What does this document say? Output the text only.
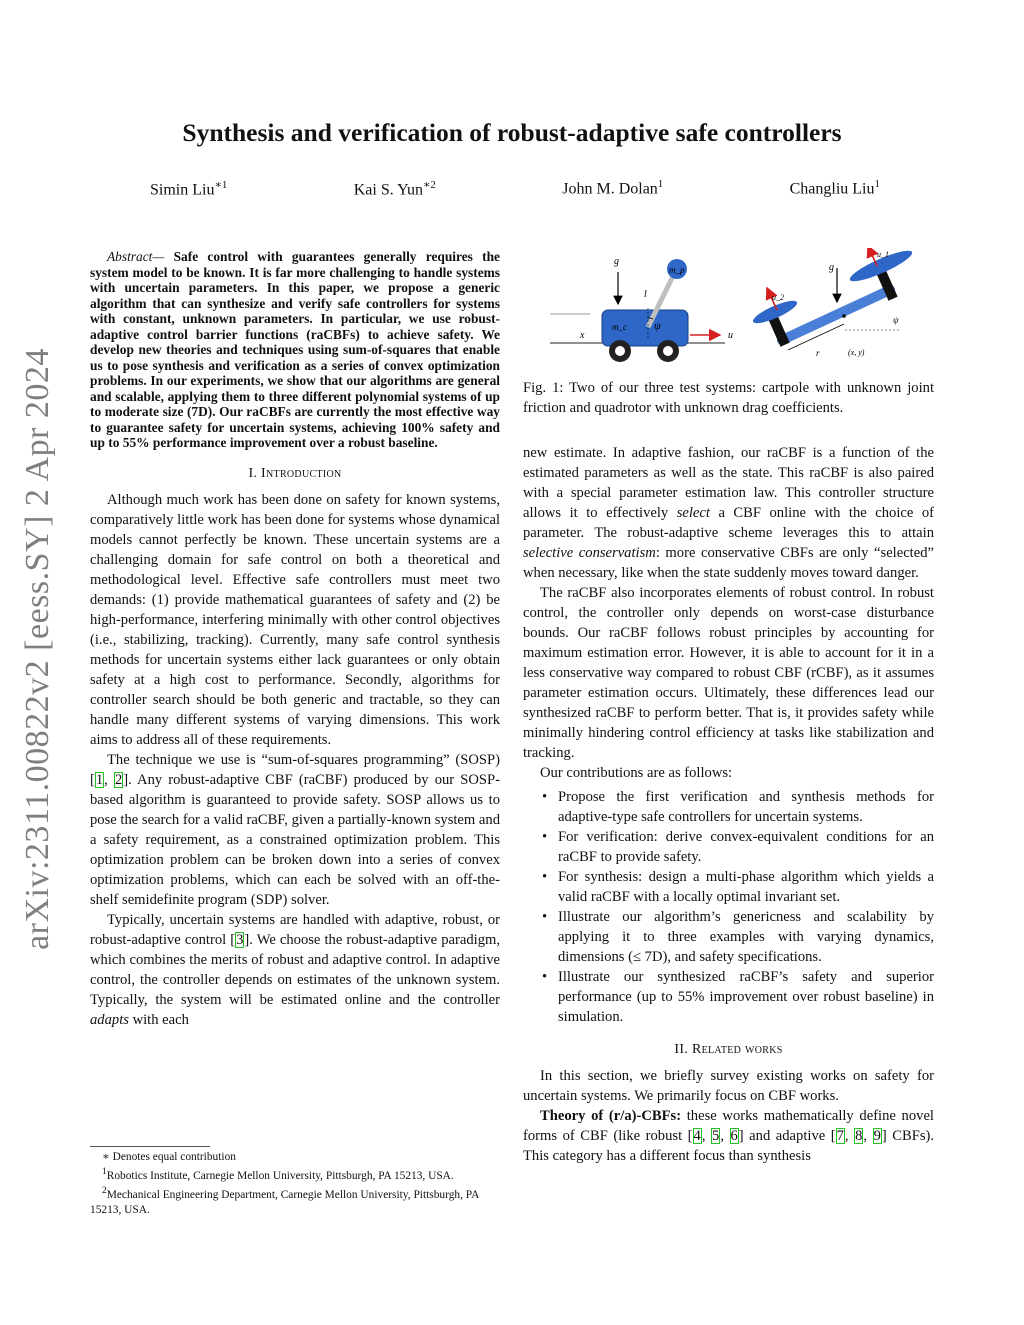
arXiv:2311.00822v2 [eess.SY] 2 Apr 2024
Synthesis and verification of robust-adaptive safe controllers
Simin Liu$^{∗1}$	Kai S. Yun$^{∗2}$	John M. Dolan$^1$	Changliu Liu$^1$

Abstract— Safe control with guarantees generally requires the system model to be known. It is far more challenging to handle systems with uncertain parameters. In this paper, we propose a generic algorithm that can synthesize and verify safe controllers for systems with constant, unknown parameters. In particular, we use robust-adaptive control barrier functions (raCBFs) to achieve safety. We develop new theories and techniques using sum-of-squares that enable us to pose synthesis and verification as a series of convex optimization problems. In our experiments, we show that our algorithms are general and scalable, applying them to three different polynomial systems of up to moderate size (7D). Our raCBFs are currently the most effective way to guarantee safety for uncertain systems, achieving 100% safety and up to 55% performance improvement over a robust baseline.

I. Introduction

Although much work has been done on safety for known systems, comparatively little work has been done for systems whose dynamical models cannot perfectly be known. These uncertain systems are a challenging domain for safe control on both a theoretical and methodological level. Effective safe controllers must meet two demands: (1) provide mathematical guarantees of safety and (2) be high-performance, interfering minimally with other control objectives (i.e., stabilizing, tracking). Currently, many safe control synthesis methods for uncertain systems either lack guarantees or only obtain safety at a high cost to performance. Secondly, algorithms for controller search should be both generic and tractable, so they can handle many different systems of varying dimensions. This work aims to address all of these requirements.

The technique we use is “sum-of-squares programming” (SOSP) [1, 2]. Any robust-adaptive CBF (raCBF) produced by our SOSP-based algorithm is guaranteed to provide safety. SOSP allows us to pose the search for a valid raCBF, given a partially-known system and a safety requirement, as a constrained optimization problem. This optimization problem can be broken down into a series of convex optimization problems, which can each be solved with an off-the-shelf semidefinite program (SDP) solver.

Typically, uncertain systems are handled with adaptive, robust, or robust-adaptive control [3]. We choose the robust-adaptive paradigm, which combines the merits of robust and adaptive control. In adaptive control, the controller depends on estimates of the unknown system. Typically, the system will be estimated online and the controller adapts with each

∗ Denotes equal contribution
$^1$Robotics Institute, Carnegie Mellon University, Pittsburgh, PA 15213, USA.
$^2$Mechanical Engineering Department, Carnegie Mellon University, Pittsburgh, PA 15213, USA.
g
m_p
l
m_c ψ
x	u
g
u_2
u_1
ψ
r	(x, y)
Fig. 1: Two of our three test systems: cartpole with unknown joint friction and quadrotor with unknown drag coefficients.

new estimate. In adaptive fashion, our raCBF is a function of the estimated parameters as well as the state. This raCBF is also paired with a special parameter estimation law. This controller structure allows it to effectively select a CBF online with the choice of parameter. The robust-adaptive scheme leverages this to attain selective conservatism: more conservative CBFs are only “selected” when necessary, like when the state suddenly moves toward danger.

The raCBF also incorporates elements of robust control. In robust control, the controller only depends on worst-case disturbance bounds. Our raCBF follows robust principles by accounting for maximum estimation error. However, it is able to account for it in a less conservative way compared to robust CBF (rCBF), as it assumes parameter estimation occurs. Ultimately, these differences lead our synthesized raCBF to perform better. That is, it provides safety while minimally hindering control efficiency at tasks like stabilization and tracking.

Our contributions are as follows:

• Propose the first verification and synthesis methods for adaptive-type safe controllers for uncertain systems.
• For verification: derive convex-equivalent conditions for an raCBF to provide safety.
• For synthesis: design a multi-phase algorithm which yields a valid raCBF with a locally optimal invariant set.
• Illustrate our algorithm’s genericness and scalability by applying it to three examples with varying dynamics, dimensions (≤ 7D), and safety specifications.
• Illustrate our synthesized raCBF’s safety and superior performance (up to 55% improvement over robust baseline) in simulation.
II. Related works

In this section, we briefly survey existing works on safety for uncertain systems. We primarily focus on CBF works.

Theory of (r/a)-CBFs: these works mathematically define novel forms of CBF (like robust [4, 5, 6] and adaptive [7, 8, 9] CBFs). This category has a different focus than synthesis
